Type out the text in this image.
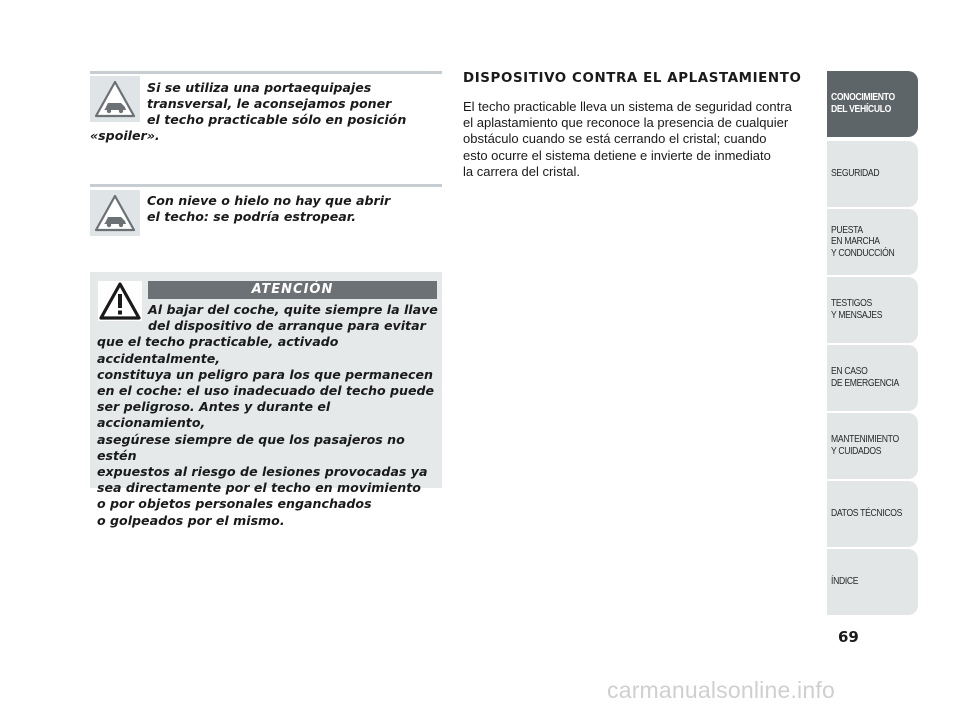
Si se utiliza una portaequipajes
transversal, le aconsejamos poner
el techo practicable sólo en posición
«spoiler».

Con nieve o hielo no hay que abrir
el techo: se podría estropear.

ATENCIÓN

Al bajar del coche, quite siempre la llave
del dispositivo de arranque para evitar
que el techo practicable, activado accidentalmente,
constituya un peligro para los que permanecen
en el coche: el uso inadecuado del techo puede
ser peligroso. Antes y durante el accionamiento,
asegúrese siempre de que los pasajeros no estén
expuestos al riesgo de lesiones provocadas ya
sea directamente por el techo en movimiento
o por objetos personales enganchados
o golpeados por el mismo.

DISPOSITIVO CONTRA EL APLASTAMIENTO

El techo practicable lleva un sistema de seguridad contra
el aplastamiento que reconoce la presencia de cualquier
obstáculo cuando se está cerrando el cristal; cuando
esto ocurre el sistema detiene e invierte de inmediato
la carrera del cristal.

CONOCIMIENTO
DEL VEHÍCULO
SEGURIDAD
PUESTA
EN MARCHA
Y CONDUCCIÓN
TESTIGOS
Y MENSAJES
EN CASO
DE EMERGENCIA
MANTENIMIENTO
Y CUIDADOS
DATOS TÉCNICOS
ÍNDICE

69

carmanualsonline.info
